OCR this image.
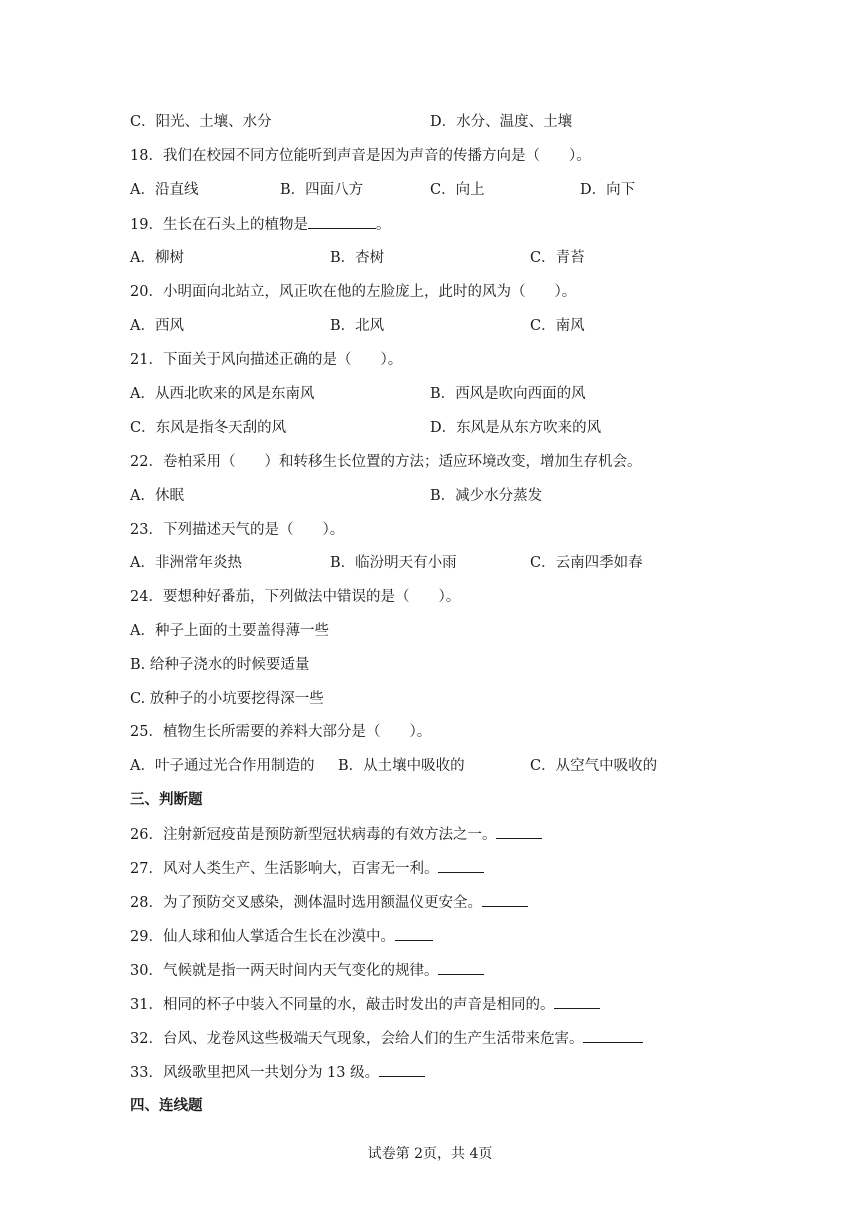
C．阳光、土壤、水分	D．水分、温度、土壤
18．我们在校园不同方位能听到声音是因为声音的传播方向是（　　）。
A．沿直线	B．四面八方	C．向上	D．向下
19．生长在石头上的植物是	。
A．柳树	B．杏树	C．青苔
20．小明面向北站立，风正吹在他的左脸庞上，此时的风为（　　）。
A．西风	B．北风	C．南风
21．下面关于风向描述正确的是（　　）。
A．从西北吹来的风是东南风	B．西风是吹向西面的风
C．东风是指冬天刮的风	D．东风是从东方吹来的风
22．卷柏采用（　　）和转移生长位置的方法；适应环境改变，增加生存机会。
A．休眠	B．减少水分蒸发
23．下列描述天气的是（　　）。
A．非洲常年炎热	B．临汾明天有小雨	C．云南四季如春
24．要想种好番茄，下列做法中错误的是（　　）。
A．种子上面的土要盖得薄一些
B. 给种子浇水的时候要适量
C. 放种子的小坑要挖得深一些
25．植物生长所需要的养料大部分是（　　）。
A．叶子通过光合作用制造的 B．从土壤中吸收的	C．从空气中吸收的
三、判断题
26．注射新冠疫苗是预防新型冠状病毒的有效方法之一。
27．风对人类生产、生活影响大，百害无一利。
28．为了预防交叉感染，测体温时选用额温仪更安全。
29．仙人球和仙人掌适合生长在沙漠中。
30．气候就是指一两天时间内天气变化的规律。
31．相同的杯子中装入不同量的水，敲击时发出的声音是相同的。
32．台风、龙卷风这些极端天气现象，会给人们的生产生活带来危害。
33．风级歌里把风一共划分为 13 级。
四、连线题
试卷第 2页，共 4页
